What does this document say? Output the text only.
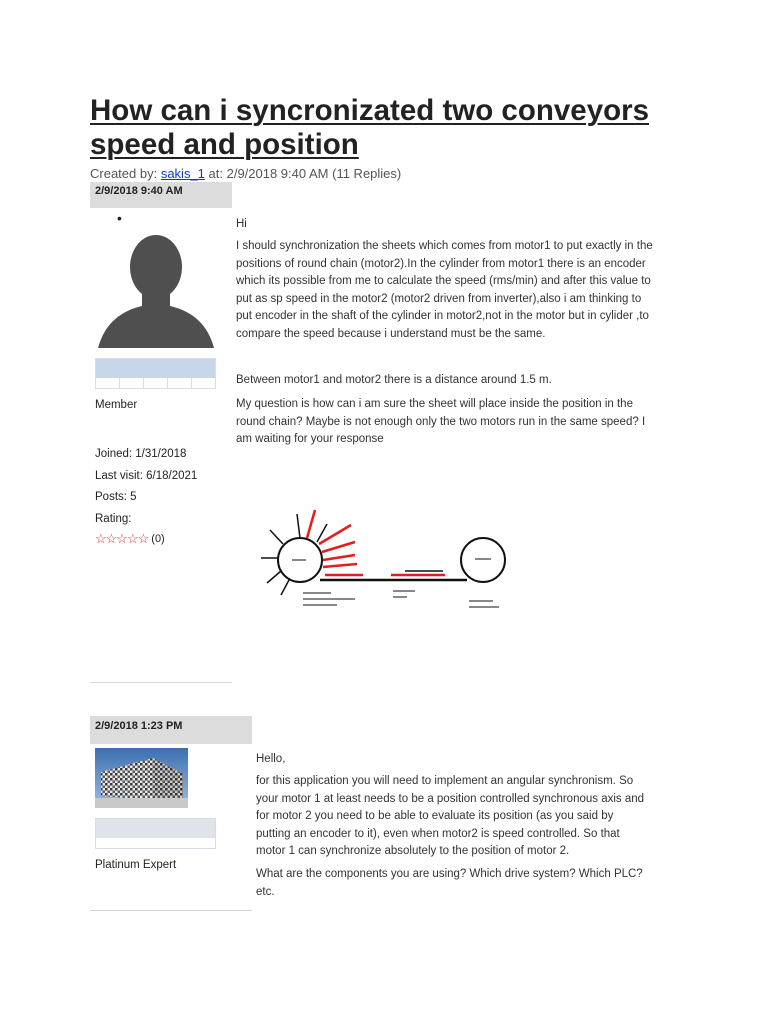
How can i syncronizated two conveyors speed and position
Created by: sakis_1 at: 2/9/2018 9:40 AM (11 Replies)
2/9/2018 9:40 AM
•
Member
Joined: 1/31/2018
Last visit: 6/18/2021
Posts: 5
Rating:
☆☆☆☆☆ (0)
Hi

I should synchronization the sheets which comes from motor1 to put exactly in the positions of round chain (motor2).In the cylinder from motor1 there is an encoder which its possible from me to calculate the speed (rms/min) and after this value to put as sp speed in the motor2 (motor2 driven from inverter),also i am thinking to put encoder in the shaft of the cylinder in motor2,not in the motor but in cylider ,to compare the speed because i understand must be the same.

Between motor1 and motor2 there is a distance around 1.5 m.

My question is how can i am sure the sheet will place inside the position in the round chain? Maybe is not enough only the two motors run in the same speed? I am waiting for your response

2/9/2018 1:23 PM
Platinum Expert
Hello,

for this application you will need to implement an angular synchronism. So your motor 1 at least needs to be a position controlled synchronous axis and for motor 2 you need to be able to evaluate its position (as you said by putting an encoder to it), even when motor2 is speed controlled. So that motor 1 can synchronize absolutely to the position of motor 2.

What are the components you are using? Which drive system? Which PLC? etc.
